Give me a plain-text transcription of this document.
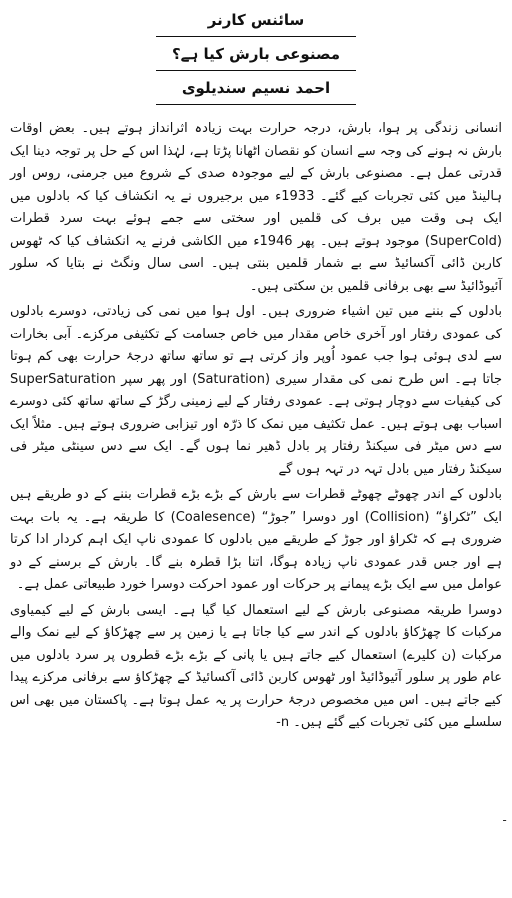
سائنس کارنر
مصنوعی بارش کیا ہے؟
احمد نسیم سندیلوی

انسانی زندگی پر ہوا، بارش، درجہ حرارت بہت زیادہ اثرانداز ہوتے ہیں۔ بعض اوقات بارش نہ ہونے کی وجہ سے انسان کو نقصان اٹھانا پڑتا ہے، لہٰذا اس کے حل پر توجہ دینا ایک قدرتی عمل ہے۔ مصنوعی بارش کے لیے موجودہ صدی کے شروع میں جرمنی، روس اور ہالینڈ میں کئی تجربات کیے گئے۔ 1933ء میں برجیروں نے یہ انکشاف کیا کہ بادلوں میں ایک ہی وقت میں برف کی قلمیں اور سختی سے جمے ہوئے بہت سرد قطرات (SuperCold) موجود ہوتے ہیں۔ پھر 1946ء میں الکاشی فرنے یہ انکشاف کیا کہ ٹھوس کاربن ڈائی آکسائیڈ سے بے شمار قلمیں بنتی ہیں۔ اسی سال ونگٹ نے بتایا کہ سلور آئیوڈائیڈ سے بھی برفانی قلمیں بن سکتی ہیں۔

بادلوں کے بننے میں تین اشیاء ضروری ہیں۔ اول ہوا میں نمی کی زیادتی، دوسرے بادلوں کی عمودی رفتار اور آخری خاص مقدار میں خاص جسامت کے تکثیفی مرکزے۔ آبی بخارات سے لدی ہوئی ہوا جب عمود اُوپر واز کرتی ہے تو ساتھ ساتھ درجۂ حرارت بھی کم ہوتا جاتا ہے۔ اس طرح نمی کی مقدار سیری (Saturation) اور پھر سپر SuperSaturation کی کیفیات سے دوچار ہوتی ہے۔ عمودی رفتار کے لیے زمینی رگڑ کے ساتھ ساتھ کئی دوسرے اسباب بھی ہوتے ہیں۔ عمل تکثیف میں نمک کا ذرّہ اور تیزابی ضروری ہوتے ہیں۔ مثلاً ایک سے دس میٹر فی سیکنڈ رفتار پر بادل ڈھیر نما ہوں گے۔ ایک سے دس سینٹی میٹر فی سیکنڈ رفتار میں بادل تہہ در تہہ ہوں گے

بادلوں کے اندر چھوٹے چھوٹے قطرات سے بارش کے بڑے بڑے قطرات بننے کے دو طریقے ہیں ایک ”ٹکراؤ“ (Collision) اور دوسرا ”جوڑ“ (Coalesence) کا طریقہ ہے۔ یہ بات بہت ضروری ہے کہ ٹکراؤ اور جوڑ کے طریقے میں بادلوں کا عمودی ناپ ایک اہم کردار ادا کرتا ہے اور جس قدر عمودی ناپ زیادہ ہوگا، اتنا بڑا قطرہ بنے گا۔ بارش کے برسنے کے دو عوامل میں سے ایک بڑے پیمانے پر حرکات اور عمود احرکت دوسرا خورد طبیعاتی عمل ہے۔

دوسرا طریقہ مصنوعی بارش کے لیے استعمال کیا گیا ہے۔ ایسی بارش کے لیے کیمیاوی مرکبات کا چھڑکاؤ بادلوں کے اندر سے کیا جاتا ہے یا زمین پر سے چھڑکاؤ کے لیے نمک والے مرکبات (ن کلیرے) استعمال کیے جاتے ہیں یا پانی کے بڑے بڑے قطروں پر سرد بادلوں میں عام طور پر سلور آئیوڈائیڈ اور ٹھوس کاربن ڈائی آکسائیڈ کے چھڑکاؤ سے برفانی مرکزے پیدا کیے جاتے ہیں۔ اس میں مخصوص درجۂ حرارت پر یہ عمل ہوتا ہے۔ پاکستان میں بھی اس سلسلے میں کئی تجربات کیے گئے ہیں۔ n-

ـ
